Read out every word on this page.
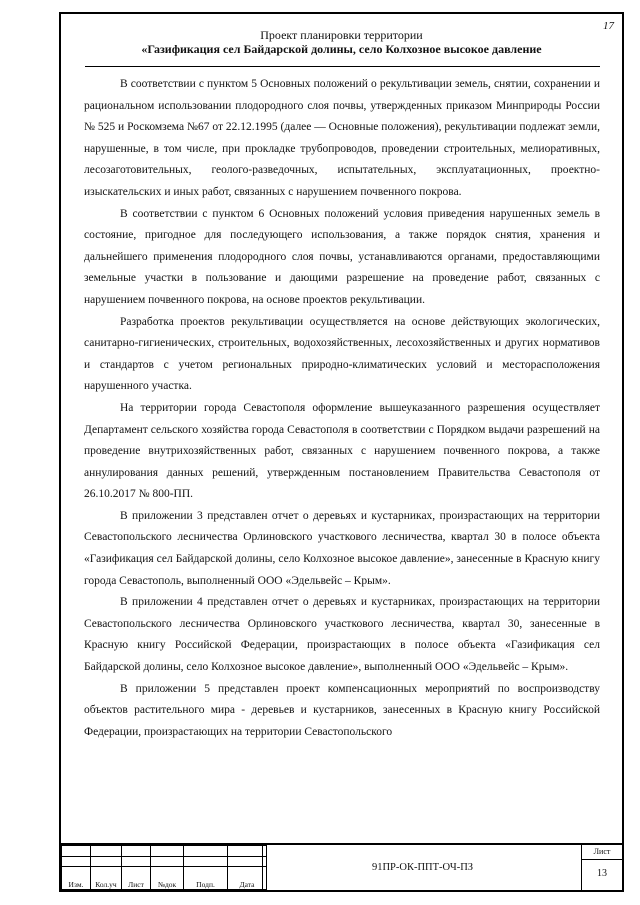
17
Проект планировки территории
«Газификация сел Байдарской долины, село Колхозное высокое давление

В соответствии с пунктом 5 Основных положений о рекультивации земель, снятии, сохранении и рациональном использовании плодородного слоя почвы, утвержденных приказом Минприроды России № 525 и Роскомзема №67 от 22.12.1995 (далее — Основные положения), рекультивации подлежат земли, нарушенные, в том числе, при прокладке трубопроводов, проведении строительных, мелиоративных, лесозаготовительных, геолого-разведочных, испытательных, эксплуатационных, проектно-изыскательских и иных работ, связанных с нарушением почвенного покрова.

В соответствии с пунктом 6 Основных положений условия приведения нарушенных земель в состояние, пригодное для последующего использования, а также порядок снятия, хранения и дальнейшего применения плодородного слоя почвы, устанавливаются органами, предоставляющими земельные участки в пользование и дающими разрешение на проведение работ, связанных с нарушением почвенного покрова, на основе проектов рекультивации.

Разработка проектов рекультивации осуществляется на основе действующих экологических, санитарно-гигиенических, строительных, водохозяйственных, лесохозяйственных и других нормативов и стандартов с учетом региональных природно-климатических условий и месторасположения нарушенного участка.

На территории города Севастополя оформление вышеуказанного разрешения осуществляет Департамент сельского хозяйства города Севастополя в соответствии с Порядком выдачи разрешений на проведение внутрихозяйственных работ, связанных с нарушением почвенного покрова, а также аннулирования данных решений, утвержденным постановлением Правительства Севастополя от 26.10.2017 № 800-ПП.

В приложении 3 представлен отчет о деревьях и кустарниках, произрастающих на территории Севастопольского лесничества Орлиновского участкового лесничества, квартал 30 в полосе объекта «Газификация сел Байдарской долины, село Колхозное высокое давление», занесенные в Красную книгу города Севастополь, выполненный ООО «Эдельвейс – Крым».

В приложении 4 представлен отчет о деревьях и кустарниках, произрастающих на территории Севастопольского лесничества Орлиновского участкового лесничества, квартал 30, занесенные в Красную книгу Российской Федерации, произрастающих в полосе объекта «Газификация сел Байдарской долины, село Колхозное высокое давление», выполненный ООО «Эдельвейс – Крым».

В приложении 5 представлен проект компенсационных мероприятий по воспроизводству объектов растительного мира - деревьев и кустарников, занесенных в Красную книгу Российской Федерации, произрастающих на территории Севастопольского

Изм.	Кол.уч	Лист	№док	Подп.	Дата
91ПР-ОК-ППТ-ОЧ-ПЗ
Лист
13
